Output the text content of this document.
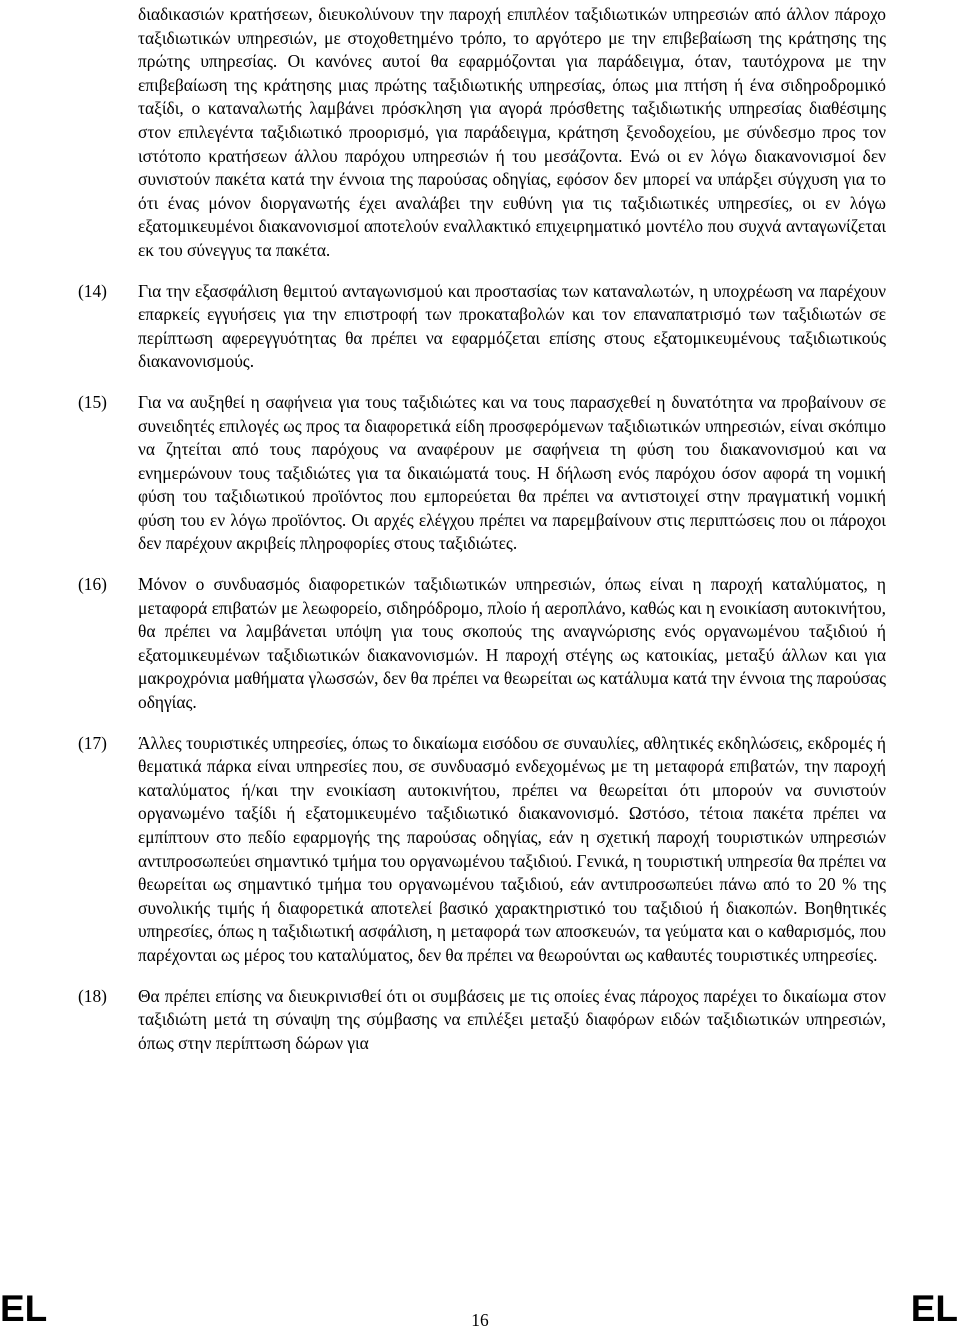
διαδικασιών κρατήσεων, διευκολύνουν την παροχή επιπλέον ταξιδιωτικών υπηρεσιών από άλλον πάροχο ταξιδιωτικών υπηρεσιών, με στοχοθετημένο τρόπο, το αργότερο με την επιβεβαίωση της κράτησης της πρώτης υπηρεσίας. Οι κανόνες αυτοί θα εφαρμόζονται για παράδειγμα, όταν, ταυτόχρονα με την επιβεβαίωση της κράτησης μιας πρώτης ταξιδιωτικής υπηρεσίας, όπως μια πτήση ή ένα σιδηροδρομικό ταξίδι, ο καταναλωτής λαμβάνει πρόσκληση για αγορά πρόσθετης ταξιδιωτικής υπηρεσίας διαθέσιμης στον επιλεγέντα ταξιδιωτικό προορισμό, για παράδειγμα, κράτηση ξενοδοχείου, με σύνδεσμο προς τον ιστότοπο κρατήσεων άλλου παρόχου υπηρεσιών ή του μεσάζοντα. Ενώ οι εν λόγω διακανονισμοί δεν συνιστούν πακέτα κατά την έννοια της παρούσας οδηγίας, εφόσον δεν μπορεί να υπάρξει σύγχυση για το ότι ένας μόνον διοργανωτής έχει αναλάβει την ευθύνη για τις ταξιδιωτικές υπηρεσίες, οι εν λόγω εξατομικευμένοι διακανονισμοί αποτελούν εναλλακτικό επιχειρηματικό μοντέλο που συχνά ανταγωνίζεται εκ του σύνεγγυς τα πακέτα.

(14) Για την εξασφάλιση θεμιτού ανταγωνισμού και προστασίας των καταναλωτών, η υποχρέωση να παρέχουν επαρκείς εγγυήσεις για την επιστροφή των προκαταβολών και τον επαναπατρισμό των ταξιδιωτών σε περίπτωση αφερεγγυότητας θα πρέπει να εφαρμόζεται επίσης στους εξατομικευμένους ταξιδιωτικούς διακανονισμούς.
(15) Για να αυξηθεί η σαφήνεια για τους ταξιδιώτες και να τους παρασχεθεί η δυνατότητα να προβαίνουν σε συνειδητές επιλογές ως προς τα διαφορετικά είδη προσφερόμενων ταξιδιωτικών υπηρεσιών, είναι σκόπιμο να ζητείται από τους παρόχους να αναφέρουν με σαφήνεια τη φύση του διακανονισμού και να ενημερώνουν τους ταξιδιώτες για τα δικαιώματά τους. Η δήλωση ενός παρόχου όσον αφορά τη νομική φύση του ταξιδιωτικού προϊόντος που εμπορεύεται θα πρέπει να αντιστοιχεί στην πραγματική νομική φύση του εν λόγω προϊόντος. Οι αρχές ελέγχου πρέπει να παρεμβαίνουν στις περιπτώσεις που οι πάροχοι δεν παρέχουν ακριβείς πληροφορίες στους ταξιδιώτες.
(16) Μόνον ο συνδυασμός διαφορετικών ταξιδιωτικών υπηρεσιών, όπως είναι η παροχή καταλύματος, η μεταφορά επιβατών με λεωφορείο, σιδηρόδρομο, πλοίο ή αεροπλάνο, καθώς και η ενοικίαση αυτοκινήτου, θα πρέπει να λαμβάνεται υπόψη για τους σκοπούς της αναγνώρισης ενός οργανωμένου ταξιδιού ή εξατομικευμένων ταξιδιωτικών διακανονισμών. Η παροχή στέγης ως κατοικίας, μεταξύ άλλων και για μακροχρόνια μαθήματα γλωσσών, δεν θα πρέπει να θεωρείται ως κατάλυμα κατά την έννοια της παρούσας οδηγίας.
(17) Άλλες τουριστικές υπηρεσίες, όπως το δικαίωμα εισόδου σε συναυλίες, αθλητικές εκδηλώσεις, εκδρομές ή θεματικά πάρκα είναι υπηρεσίες που, σε συνδυασμό ενδεχομένως με τη μεταφορά επιβατών, την παροχή καταλύματος ή/και την ενοικίαση αυτοκινήτου, πρέπει να θεωρείται ότι μπορούν να συνιστούν οργανωμένο ταξίδι ή εξατομικευμένο ταξιδιωτικό διακανονισμό. Ωστόσο, τέτοια πακέτα πρέπει να εμπίπτουν στο πεδίο εφαρμογής της παρούσας οδηγίας, εάν η σχετική παροχή τουριστικών υπηρεσιών αντιπροσωπεύει σημαντικό τμήμα του οργανωμένου ταξιδιού. Γενικά, η τουριστική υπηρεσία θα πρέπει να θεωρείται ως σημαντικό τμήμα του οργανωμένου ταξιδιού, εάν αντιπροσωπεύει πάνω από το 20 % της συνολικής τιμής ή διαφορετικά αποτελεί βασικό χαρακτηριστικό του ταξιδιού ή διακοπών. Βοηθητικές υπηρεσίες, όπως η ταξιδιωτική ασφάλιση, η μεταφορά των αποσκευών, τα γεύματα και ο καθαρισμός, που παρέχονται ως μέρος του καταλύματος, δεν θα πρέπει να θεωρούνται ως καθαυτές τουριστικές υπηρεσίες.
(18) Θα πρέπει επίσης να διευκρινισθεί ότι οι συμβάσεις με τις οποίες ένας πάροχος παρέχει το δικαίωμα στον ταξιδιώτη μετά τη σύναψη της σύμβασης να επιλέξει μεταξύ διαφόρων ειδών ταξιδιωτικών υπηρεσιών, όπως στην περίπτωση δώρων για
EL	16	EL
